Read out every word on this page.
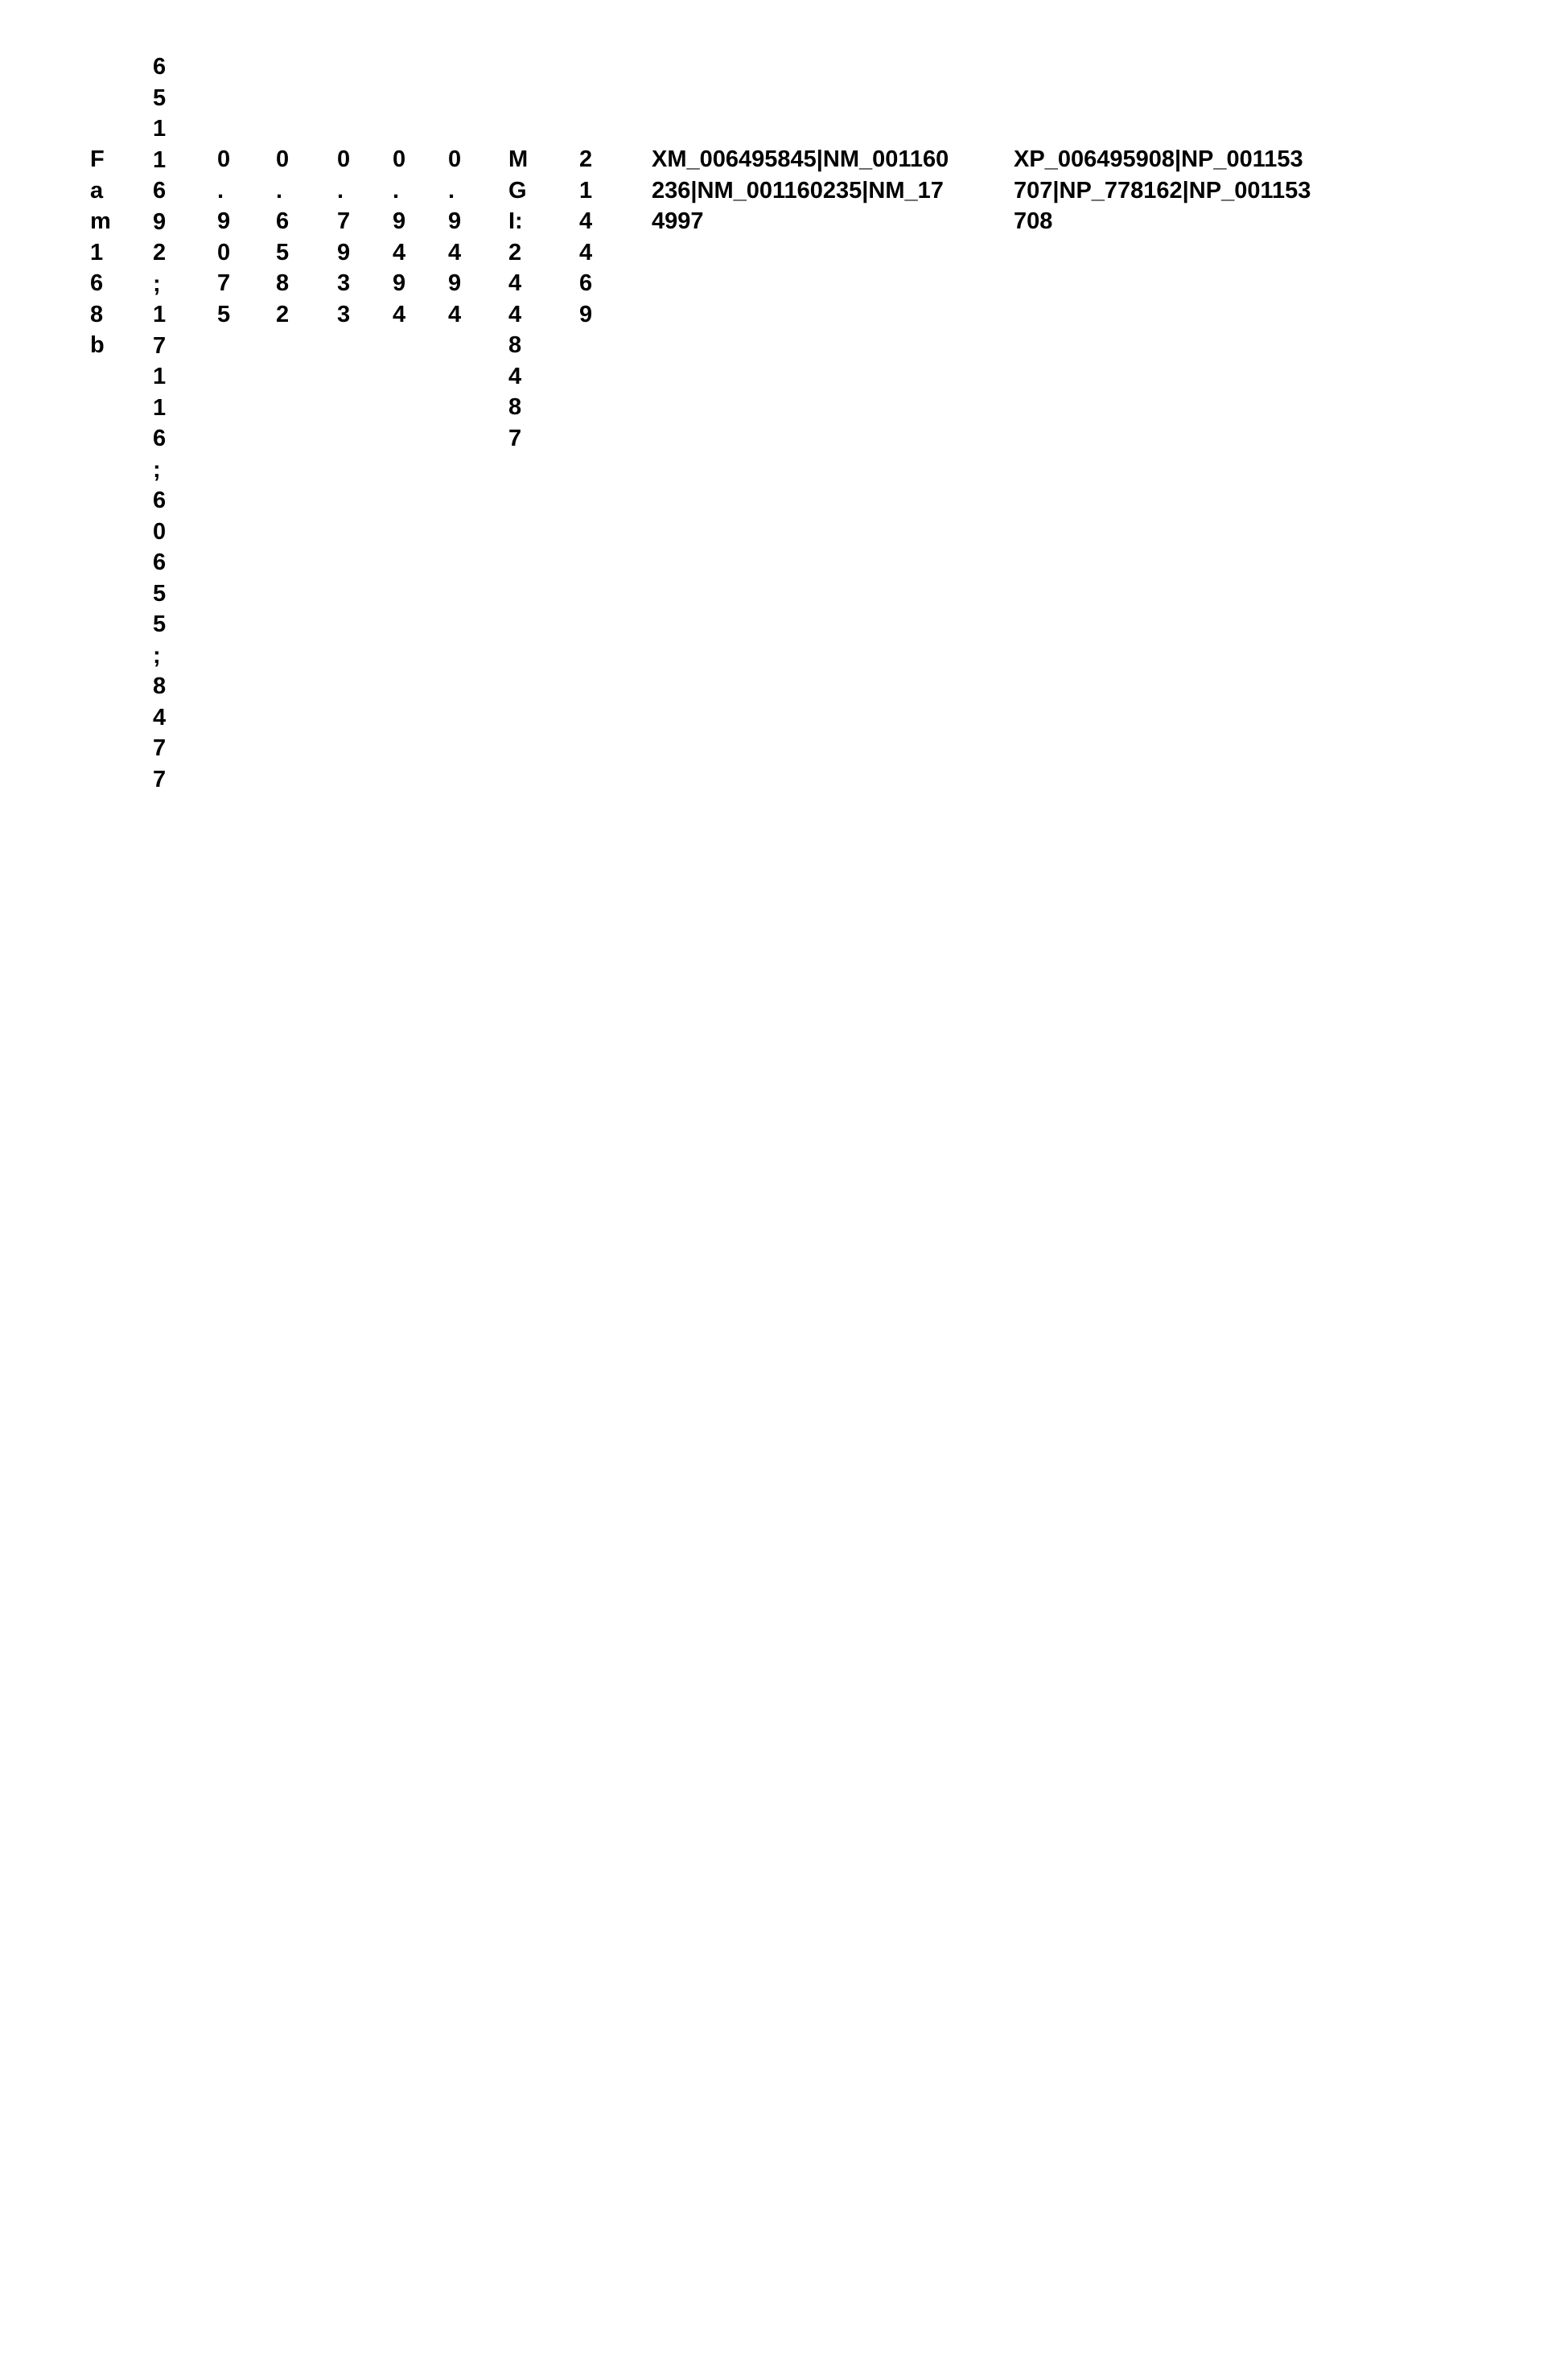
Fam168b
6511692;17116;60655;8477
0.9075
0.6582
0.7933
0.9494
0.9494
MGI:2448487
214469
XM_006495845|NM_001160236|NM_001160235|NM_174997
XP_006495908|NP_001153707|NP_778162|NP_001153708
